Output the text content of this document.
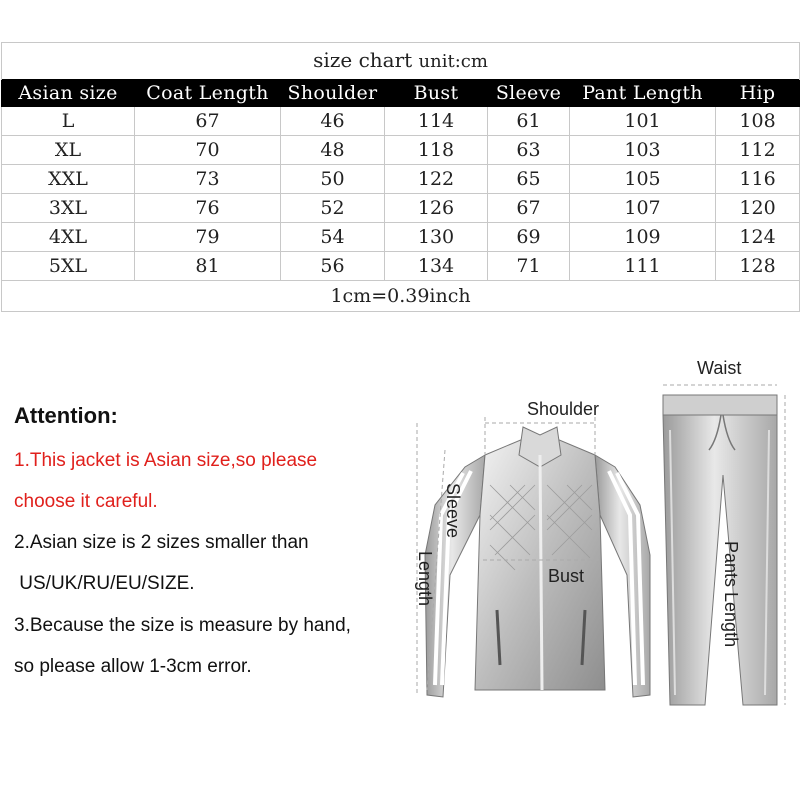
size chart unit:cm						
Asian size	Coat Length	Shoulder	Bust	Sleeve	Pant Length	Hip
L	67	46	114	61	101	108
XL	70	48	118	63	103	112
XXL	73	50	122	65	105	116
3XL	76	52	126	67	107	120
4XL	79	54	130	69	109	124
5XL	81	56	134	71	111	128
1cm=0.39inch						
Attention:
1.This jacket is Asian size,so please
choose it careful.
2.Asian size is 2 sizes smaller than
US/UK/RU/EU/SIZE.
3.Because the size is measure by hand,
so please allow 1-3cm error.
Shoulder
Sleeve
Length	Bust
Waist
Pants Length
